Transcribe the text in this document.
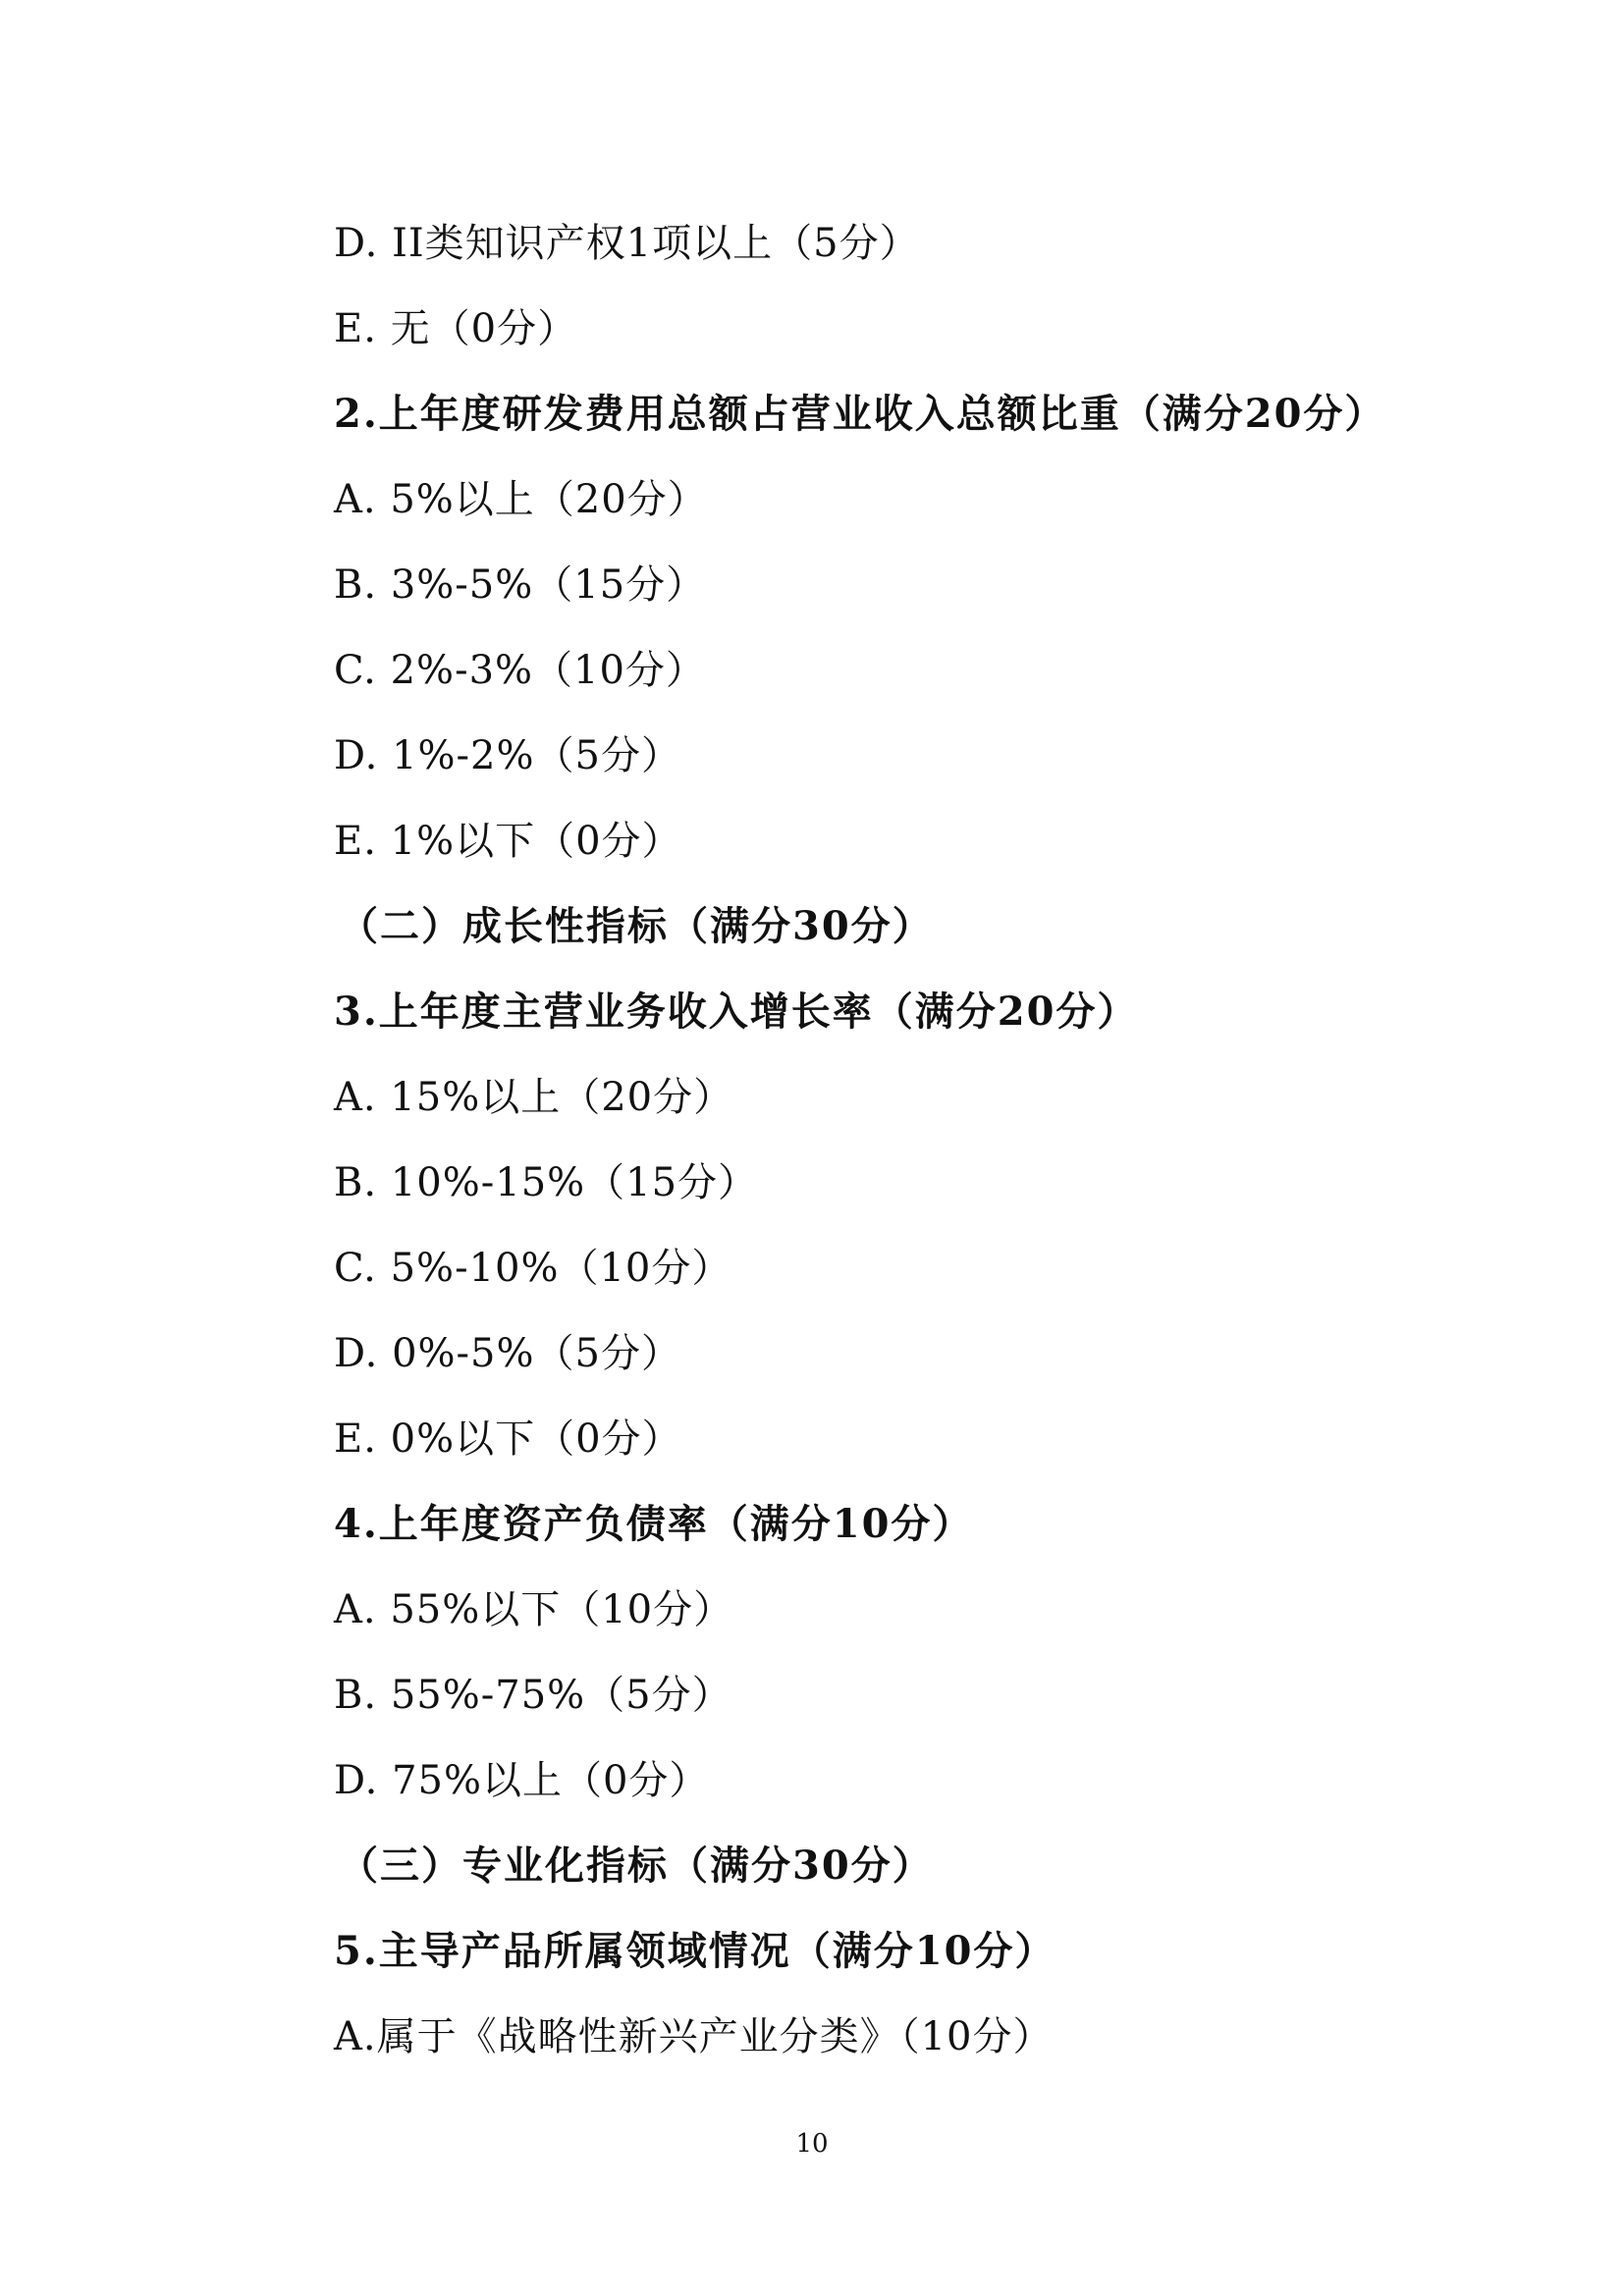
D. II类知识产权1项以上（5分）
E. 无（0分）
2.上年度研发费用总额占营业收入总额比重（满分20分）
A. 5%以上（20分）
B. 3%-5%（15分）
C. 2%-3%（10分）
D. 1%-2%（5分）
E. 1%以下（0分）
（二）成长性指标（满分30分）
3.上年度主营业务收入增长率（满分20分）
A. 15%以上（20分）
B. 10%-15%（15分）
C. 5%-10%（10分）
D. 0%-5%（5分）
E. 0%以下（0分）
4.上年度资产负债率（满分10分）
A. 55%以下（10分）
B. 55%-75%（5分）
D. 75%以上（0分）
（三）专业化指标（满分30分）
5.主导产品所属领域情况（满分10分）
A.属于《战略性新兴产业分类》（10分）
10
